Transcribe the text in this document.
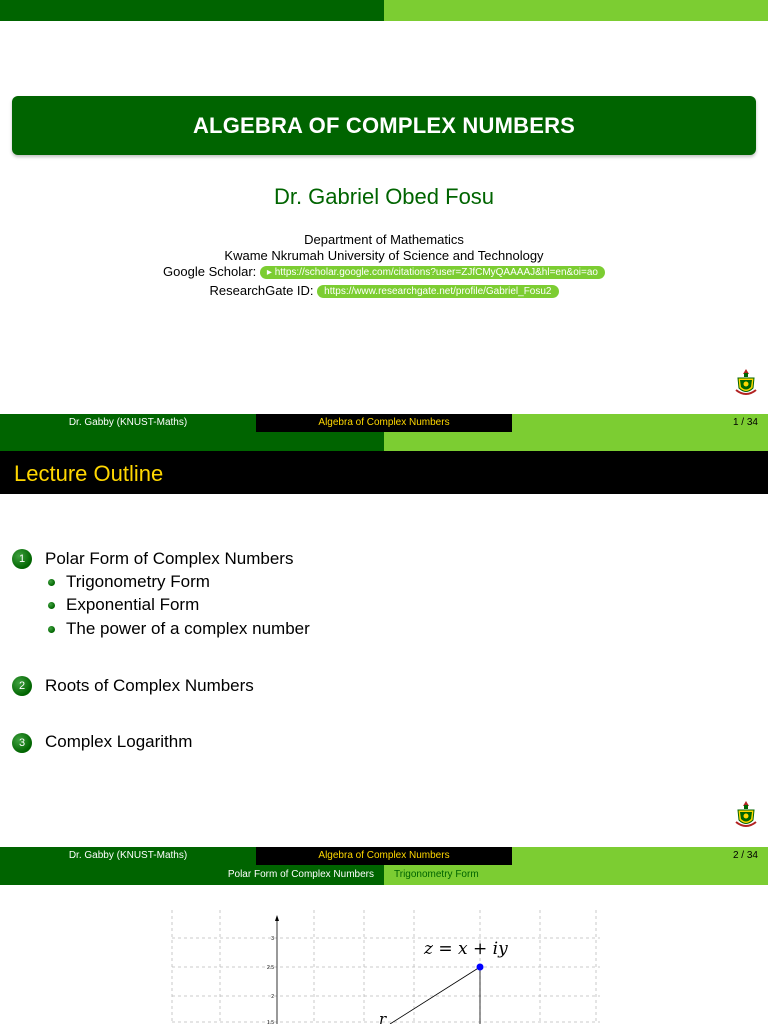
ALGEBRA OF COMPLEX NUMBERS
Dr. Gabriel Obed Fosu
Department of Mathematics
Kwame Nkrumah University of Science and Technology
Google Scholar: ▸ https://scholar.google.com/citations?user=ZJfCMyQAAAAJ&hl=en&oi=ao
ResearchGate ID: https://www.researchgate.net/profile/Gabriel_Fosu2
Dr. Gabby (KNUST-Maths)	Algebra of Complex Numbers	1 / 34
Lecture Outline
1	Polar Form of Complex Numbers
Trigonometry Form
Exponential Form
The power of a complex number
2	Roots of Complex Numbers
3	Complex Logarithm
Dr. Gabby (KNUST-Maths)	Algebra of Complex Numbers	2 / 34
Polar Form of Complex Numbers	Trigonometry Form
3
2.5
2
1.5
z = x + iy
r
